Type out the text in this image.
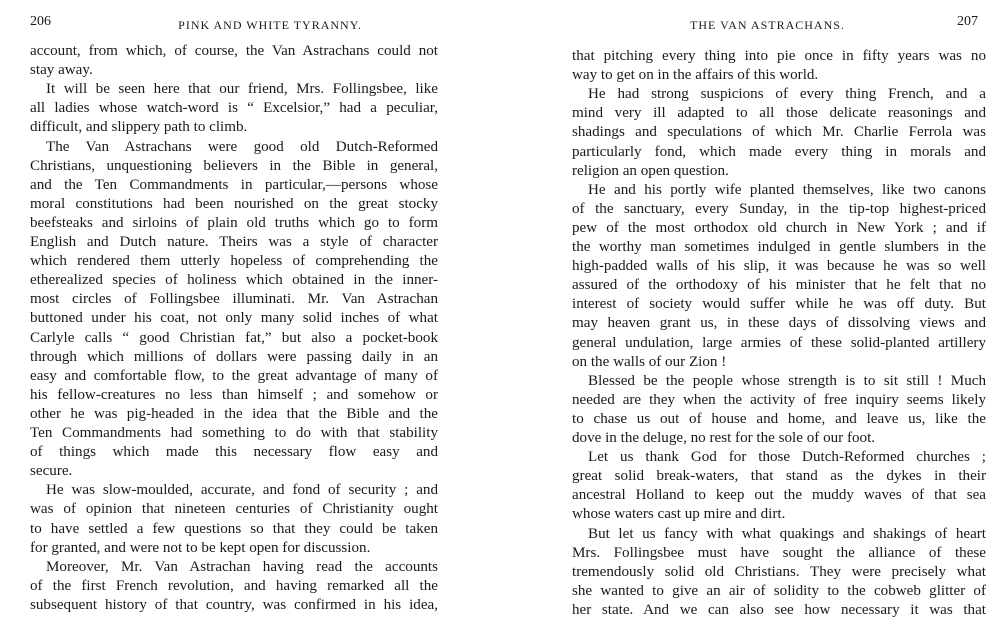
206	PINK AND WHITE TYRANNY.
account, from which, of course, the Van Astrachans could not
stay away.
It will be seen here that our friend, Mrs. Follingsbee, like
all ladies whose watch-word is “ Excelsior,” had a peculiar,
difficult, and slippery path to climb.
The Van Astrachans were good old Dutch-Reformed
Christians, unquestioning believers in the Bible in general,
and the Ten Commandments in particular,—persons whose
moral constitutions had been nourished on the great stocky
beefsteaks and sirloins of plain old truths which go to form
English and Dutch nature. Theirs was a style of character
which rendered them utterly hopeless of comprehending the
etherealized species of holiness which obtained in the inner-
most circles of Follingsbee illuminati. Mr. Van Astrachan
buttoned under his coat, not only many solid inches of what
Carlyle calls “ good Christian fat,” but also a pocket-book
through which millions of dollars were passing daily in an
easy and comfortable flow, to the great advantage of many of
his fellow-creatures no less than himself ; and somehow or
other he was pig-headed in the idea that the Bible and the
Ten Commandments had something to do with that stability
of things which made this necessary flow easy and
secure.
He was slow-moulded, accurate, and fond of security ; and
was of opinion that nineteen centuries of Christianity ought
to have settled a few questions so that they could be taken
for granted, and were not to be kept open for discussion.
Moreover, Mr. Van Astrachan having read the accounts
of the first French revolution, and having remarked all the
subsequent history of that country, was confirmed in his idea,
THE VAN ASTRACHANS.	207
that pitching every thing into pie once in fifty years was no
way to get on in the affairs of this world.
He had strong suspicions of every thing French, and a
mind very ill adapted to all those delicate reasonings and
shadings and speculations of which Mr. Charlie Ferrola was
particularly fond, which made every thing in morals and
religion an open question.
He and his portly wife planted themselves, like two canons
of the sanctuary, every Sunday, in the tip-top highest-priced
pew of the most orthodox old church in New York ; and if
the worthy man sometimes indulged in gentle slumbers in the
high-padded walls of his slip, it was because he was so well
assured of the orthodoxy of his minister that he felt that no
interest of society would suffer while he was off duty. But
may heaven grant us, in these days of dissolving views and
general undulation, large armies of these solid-planted artillery
on the walls of our Zion !
Blessed be the people whose strength is to sit still ! Much
needed are they when the activity of free inquiry seems likely
to chase us out of house and home, and leave us, like the
dove in the deluge, no rest for the sole of our foot.
Let us thank God for those Dutch-Reformed churches ;
great solid break-waters, that stand as the dykes in their
ancestral Holland to keep out the muddy waves of that sea
whose waters cast up mire and dirt.
But let us fancy with what quakings and shakings of heart
Mrs. Follingsbee must have sought the alliance of these
tremendously solid old Christians. They were precisely what
she wanted to give an air of solidity to the cobweb glitter of
her state. And we can also see how necessary it was that
